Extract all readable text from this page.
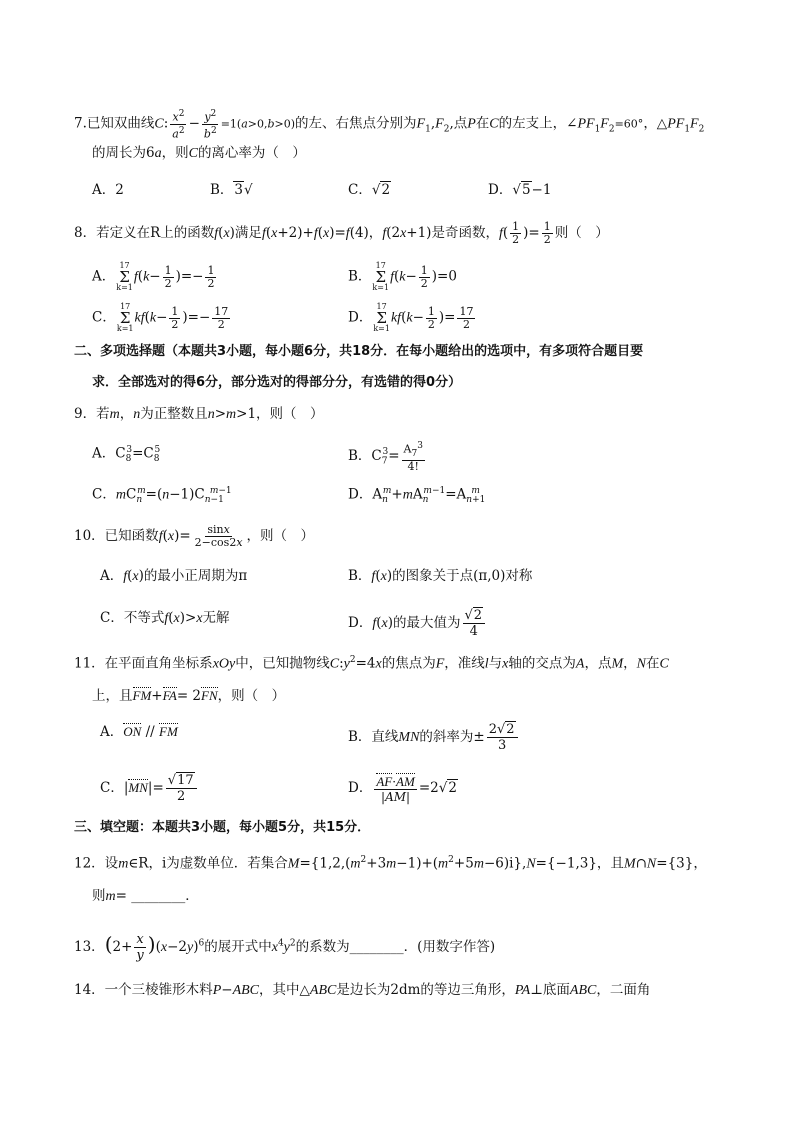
7.已知双曲线C: $\frac{x^2}{a^2} - \frac{y^2}{b^2} =1(a>0,b>0)$的左、右焦点分别为$F_1,F_2$,点P在C的左支上，$\angle PF_1F_2=60^\circ$，$\triangle PF_1F_2$
的周长为6a，则C的离心率为（　）
A．2	B．3√	C．√2	D．√5−1
8．若定义在R上的函数f(x)满足f(x+2)+f(x)=f(4)，f(2x+1)是奇函数，$f( \frac{1}{2}$ )= $\frac{1}{2}$ 则（　）
A．
17
Σ
k=1
$f(k- \frac{1}{2}$ )=− $\frac{1}{2}$	B．
17
Σ
k=1
$f(k- \frac{1}{2} )=0$
C．
17
Σ
k=1
$kf(k- \frac{1}{2}$ )=− $\frac{17}{2}$	D．
17
Σ
k=1
$kf(k- \frac{1}{2}$ )= $\frac{17}{2}$
二、多项选择题（本题共3小题，每小题6分，共18分．在每小题给出的选项中，有多项符合题目要
求．全部选对的得6分，部分选对的得部分分，有选错的得0分）
9．若m，n为正整数且n>m>1，则（　）
A．$C_8^3=C_8^5$	B．$C_7^3= \frac{A_7^3}{4!}$
C．$mC_n^m=(n-1)C_{n-1}^{m-1}$	D．$A_n^m+mA_n^{m-1}=A_{n+1}^m$
10．已知函数$f(x)= \frac{\sin x}{2-\cos 2x}$ ，则（　）
A．f(x)的最小正周期为π	B．f(x)的图象关于点(π,0)对称
C．不等式f(x)>x无解	D．f(x)的最大值为 $\frac{√2}{4}$
11．在平面直角坐标系xOy中，已知抛物线$C:y^2=4x$的焦点为F，准线l与x轴的交点为A，点M，N在C
上，且FM+FA= 2FN，则（　）
A．ON // FM	B．直线MN的斜率为± $\frac{2√2}{3}$
C．$|MN|= \frac{√17}{2}$	D． $\frac{AF\cdot AM}{|AM|} =2√2$
三、填空题：本题共3小题，每小题5分，共15分．
12．设m∈R，i为虚数单位．若集合$M=\{1,2,(m^2+3m-1)+(m^2+5m-6)i\},N=\{-1,3\}$，且M∩N={3}，
则m= ________．
13．$(2+ \frac{x}{y} )(x-2y)^6$的展开式中$x^4y^2$的系数为________．(用数字作答)
14．一个三棱锥形木料P−ABC，其中△ABC是边长为2dm的等边三角形，PA⊥底面ABC，二面角
